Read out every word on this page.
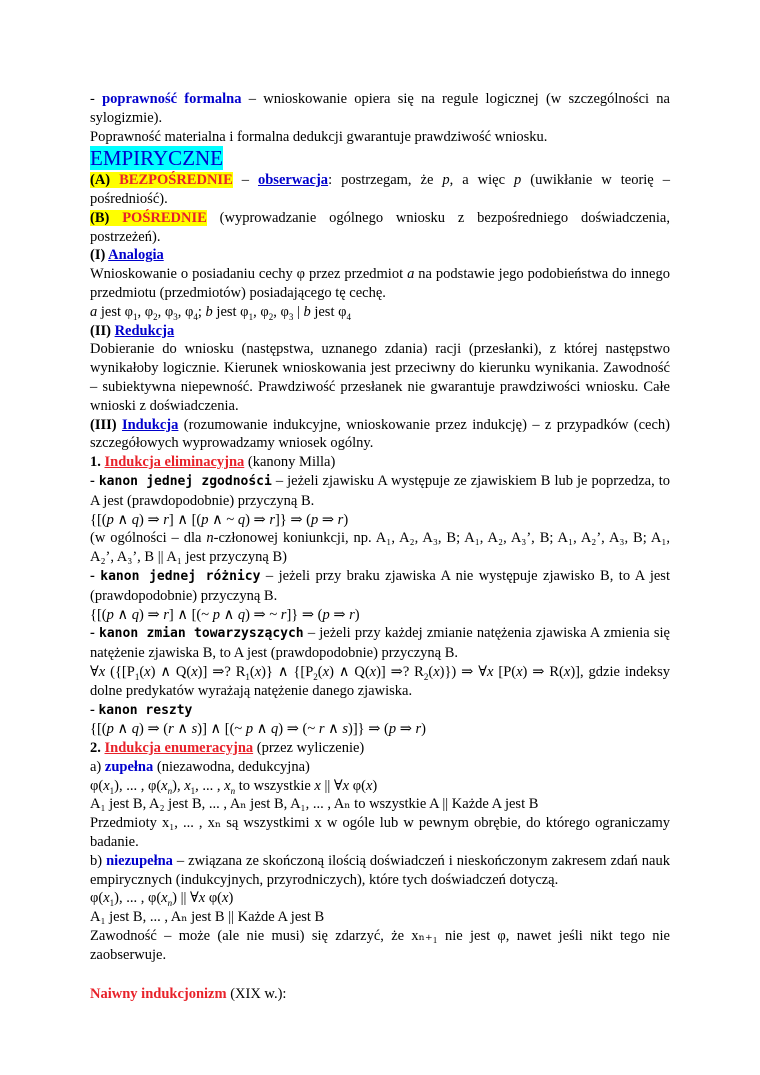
- poprawność formalna – wnioskowanie opiera się na regule logicznej (w szczególności na sylogizmie).

Poprawność materialna i formalna dedukcji gwarantuje prawdziwość wniosku.

EMPIRYCZNE

(A) BEZPOŚREDNIE – obserwacja: postrzegam, że p, a więc p (uwikłanie w teorię – pośredniość).

(B) POŚREDNIE (wyprowadzanie ogólnego wniosku z bezpośredniego doświadczenia, postrzeżeń).

(I) Analogia

Wnioskowanie o posiadaniu cechy φ przez przedmiot a na podstawie jego podobieństwa do innego przedmiotu (przedmiotów) posiadającego tę cechę.

a jest $\varphi_1$, $\varphi_2$, $\varphi_3$, $\varphi_4$; b jest $\varphi_1$, $\varphi_2$, $\varphi_3$ | b jest $\varphi_4$

(II) Redukcja

Dobieranie do wniosku (następstwa, uznanego zdania) racji (przesłanki), z której następstwo wynikałoby logicznie. Kierunek wnioskowania jest przeciwny do kierunku wynikania. Zawodność – subiektywna niepewność. Prawdziwość przesłanek nie gwarantuje prawdziwości wniosku. Całe wnioski z doświadczenia.

(III) Indukcja (rozumowanie indukcyjne, wnioskowanie przez indukcję) – z przypadków (cech) szczegółowych wyprowadzamy wniosek ogólny.

1. Indukcja eliminacyjna (kanony Milla)

- kanon jednej zgodności – jeżeli zjawisku A występuje ze zjawiskiem B lub je poprzedza, to A jest (prawdopodobnie) przyczyną B.

{[(p ∧ q) ⇒ r] ∧ [(p ∧ ~ q) ⇒ r]} ⇒ (p ⇒ r)

(w ogólności – dla n-członowej koniunkcji, np. A₁, A₂, A₃, B; A₁, A₂, A₃’, B; A₁, A₂’, A₃, B; A₁, A₂’, A₃’, B || A₁ jest przyczyną B)

- kanon jednej różnicy – jeżeli przy braku zjawiska A nie występuje zjawisko B, to A jest (prawdopodobnie) przyczyną B.

{[(p ∧ q) ⇒ r] ∧ [(~ p ∧ q) ⇒ ~ r]} ⇒ (p ⇒ r)

- kanon zmian towarzyszących – jeżeli przy każdej zmianie natężenia zjawiska A zmienia się natężenie zjawiska B, to A jest (prawdopodobnie) przyczyną B.

∀x ({[$P_1(x)$ ∧ Q(x)] ⇒? $R_1(x)$} ∧ {[$P_2(x)$ ∧ Q(x)] ⇒? $R_2(x)$}) ⇒ ∀x [P(x) ⇒ R(x)], gdzie indeksy dolne predykatów wyrażają natężenie danego zjawiska.

- kanon reszty

{[(p ∧ q) ⇒ (r ∧ s)] ∧ [(~ p ∧ q) ⇒ (~ r ∧ s)]} ⇒ (p ⇒ r)

2. Indukcja enumeracyjna (przez wyliczenie)

a) zupełna (niezawodna, dedukcyjna)

$\varphi(x_1)$, ... , $\varphi(x_n)$, $x_1$, ... , $x_n$ to wszystkie x || ∀x φ(x)

A₁ jest B, A₂ jest B, ... , Aₙ jest B, A₁, ... , Aₙ to wszystkie A || Każde A jest B

Przedmioty x₁, ... , xₙ są wszystkimi x w ogóle lub w pewnym obrębie, do którego ograniczamy badanie.

b) niezupełna – związana ze skończoną ilością doświadczeń i nieskończonym zakresem zdań nauk empirycznych (indukcyjnych, przyrodniczych), które tych doświadczeń dotyczą.

$\varphi(x_1)$, ... , $\varphi(x_n)$ || ∀x φ(x)

A₁ jest B, ... , Aₙ jest B || Każde A jest B

Zawodność – może (ale nie musi) się zdarzyć, że xₙ₊₁ nie jest φ, nawet jeśli nikt tego nie zaobserwuje.

Naiwny indukcjonizm (XIX w.):
